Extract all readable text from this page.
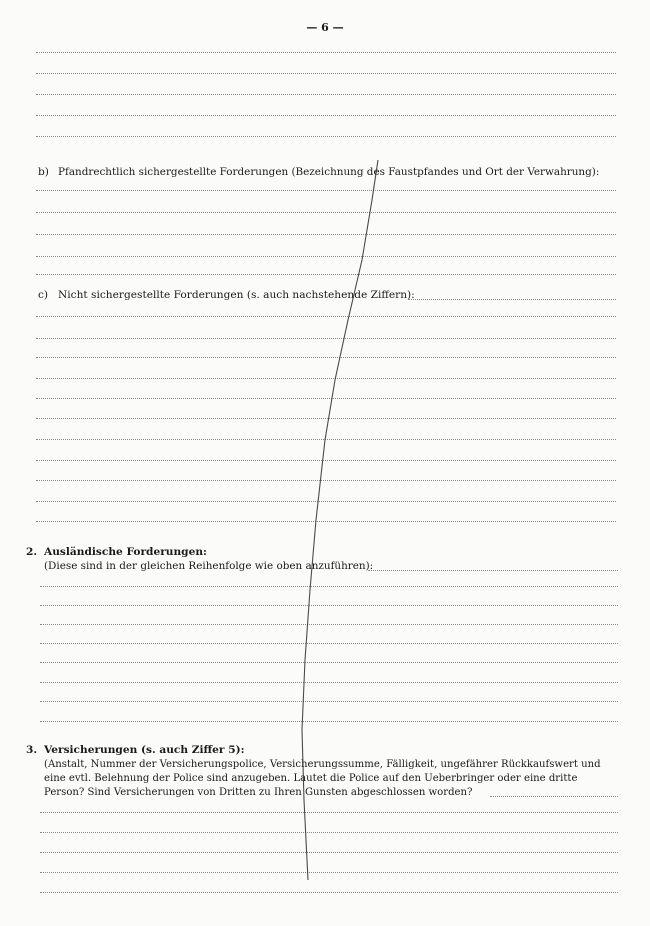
— 6 —
b) Pfandrechtlich sichergestellte Forderungen (Bezeichnung des Faustpfandes und Ort der Verwahrung):
c) Nicht sichergestellte Forderungen (s. auch nachstehende Ziffern):
2. Ausländische Forderungen:
(Diese sind in der gleichen Reihenfolge wie oben anzuführen):
3. Versicherungen (s. auch Ziffer 5):
(Anstalt, Nummer der Versicherungspolice, Versicherungssumme, Fälligkeit, ungefährer Rückkaufswert und
eine evtl. Belehnung der Police sind anzugeben. Lautet die Police auf den Ueberbringer oder eine dritte
Person? Sind Versicherungen von Dritten zu Ihren Gunsten abgeschlossen worden?
